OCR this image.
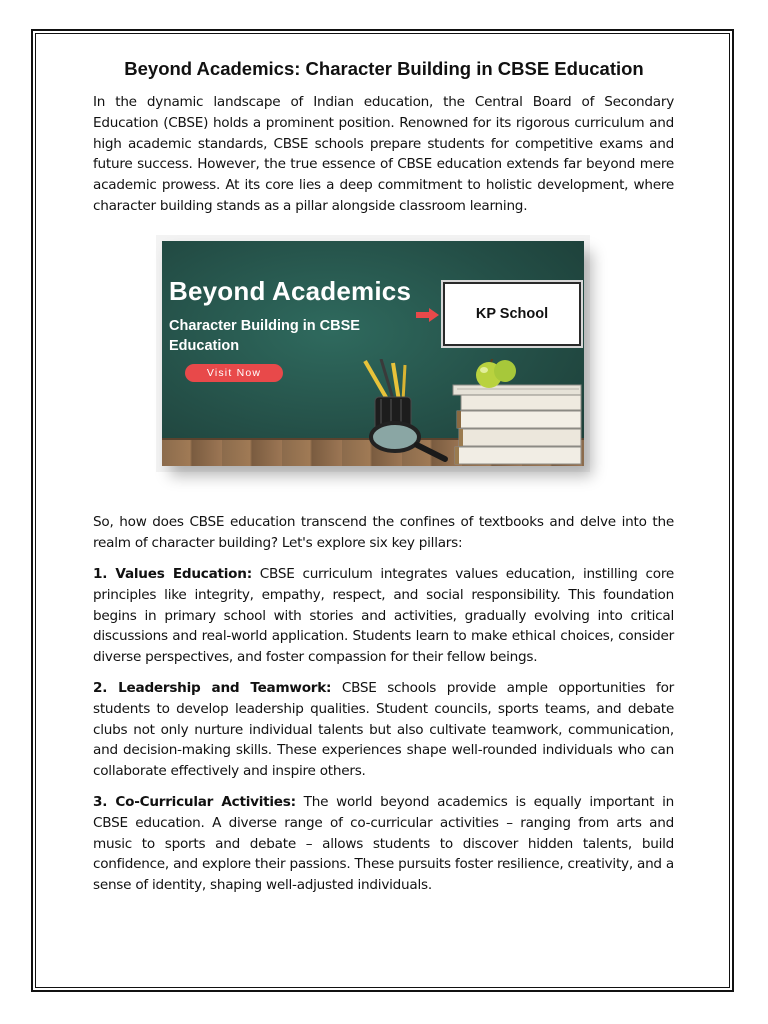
Beyond Academics: Character Building in CBSE Education

In the dynamic landscape of Indian education, the Central Board of Secondary Education (CBSE) holds a prominent position. Renowned for its rigorous curriculum and high academic standards, CBSE schools prepare students for competitive exams and future success. However, the true essence of CBSE education extends far beyond mere academic prowess. At its core lies a deep commitment to holistic development, where character building stands as a pillar alongside classroom learning.

Beyond Academics
Character Building in CBSE
Education
Visit Now
KP School

So, how does CBSE education transcend the confines of textbooks and delve into the realm of character building? Let's explore six key pillars:

1. Values Education: CBSE curriculum integrates values education, instilling core principles like integrity, empathy, respect, and social responsibility. This foundation begins in primary school with stories and activities, gradually evolving into critical discussions and real-world application. Students learn to make ethical choices, consider diverse perspectives, and foster compassion for their fellow beings.

2. Leadership and Teamwork: CBSE schools provide ample opportunities for students to develop leadership qualities. Student councils, sports teams, and debate clubs not only nurture individual talents but also cultivate teamwork, communication, and decision-making skills. These experiences shape well-rounded individuals who can collaborate effectively and inspire others.

3. Co-Curricular Activities: The world beyond academics is equally important in CBSE education. A diverse range of co-curricular activities – ranging from arts and music to sports and debate – allows students to discover hidden talents, build confidence, and explore their passions. These pursuits foster resilience, creativity, and a sense of identity, shaping well-adjusted individuals.
